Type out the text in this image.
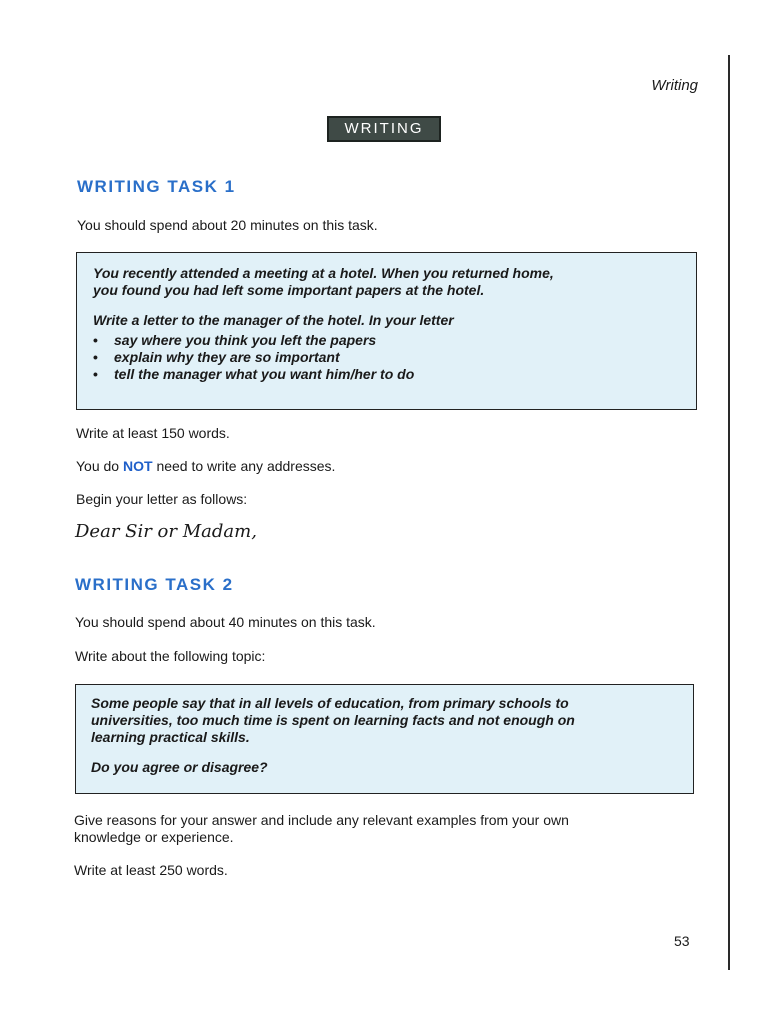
Writing
WRITING
WRITING TASK 1
You should spend about 20 minutes on this task.

You recently attended a meeting at a hotel. When you returned home,
you found you had left some important papers at the hotel.

Write a letter to the manager of the hotel. In your letter

• say where you think you left the papers
• explain why they are so important
• tell the manager what you want him/her to do
Write at least 150 words.
You do NOT need to write any addresses.
Begin your letter as follows:
Dear Sir or Madam,
WRITING TASK 2
You should spend about 40 minutes on this task.
Write about the following topic:

Some people say that in all levels of education, from primary schools to
universities, too much time is spent on learning facts and not enough on
learning practical skills.

Do you agree or disagree?

Give reasons for your answer and include any relevant examples from your own
knowledge or experience.
Write at least 250 words.
53
